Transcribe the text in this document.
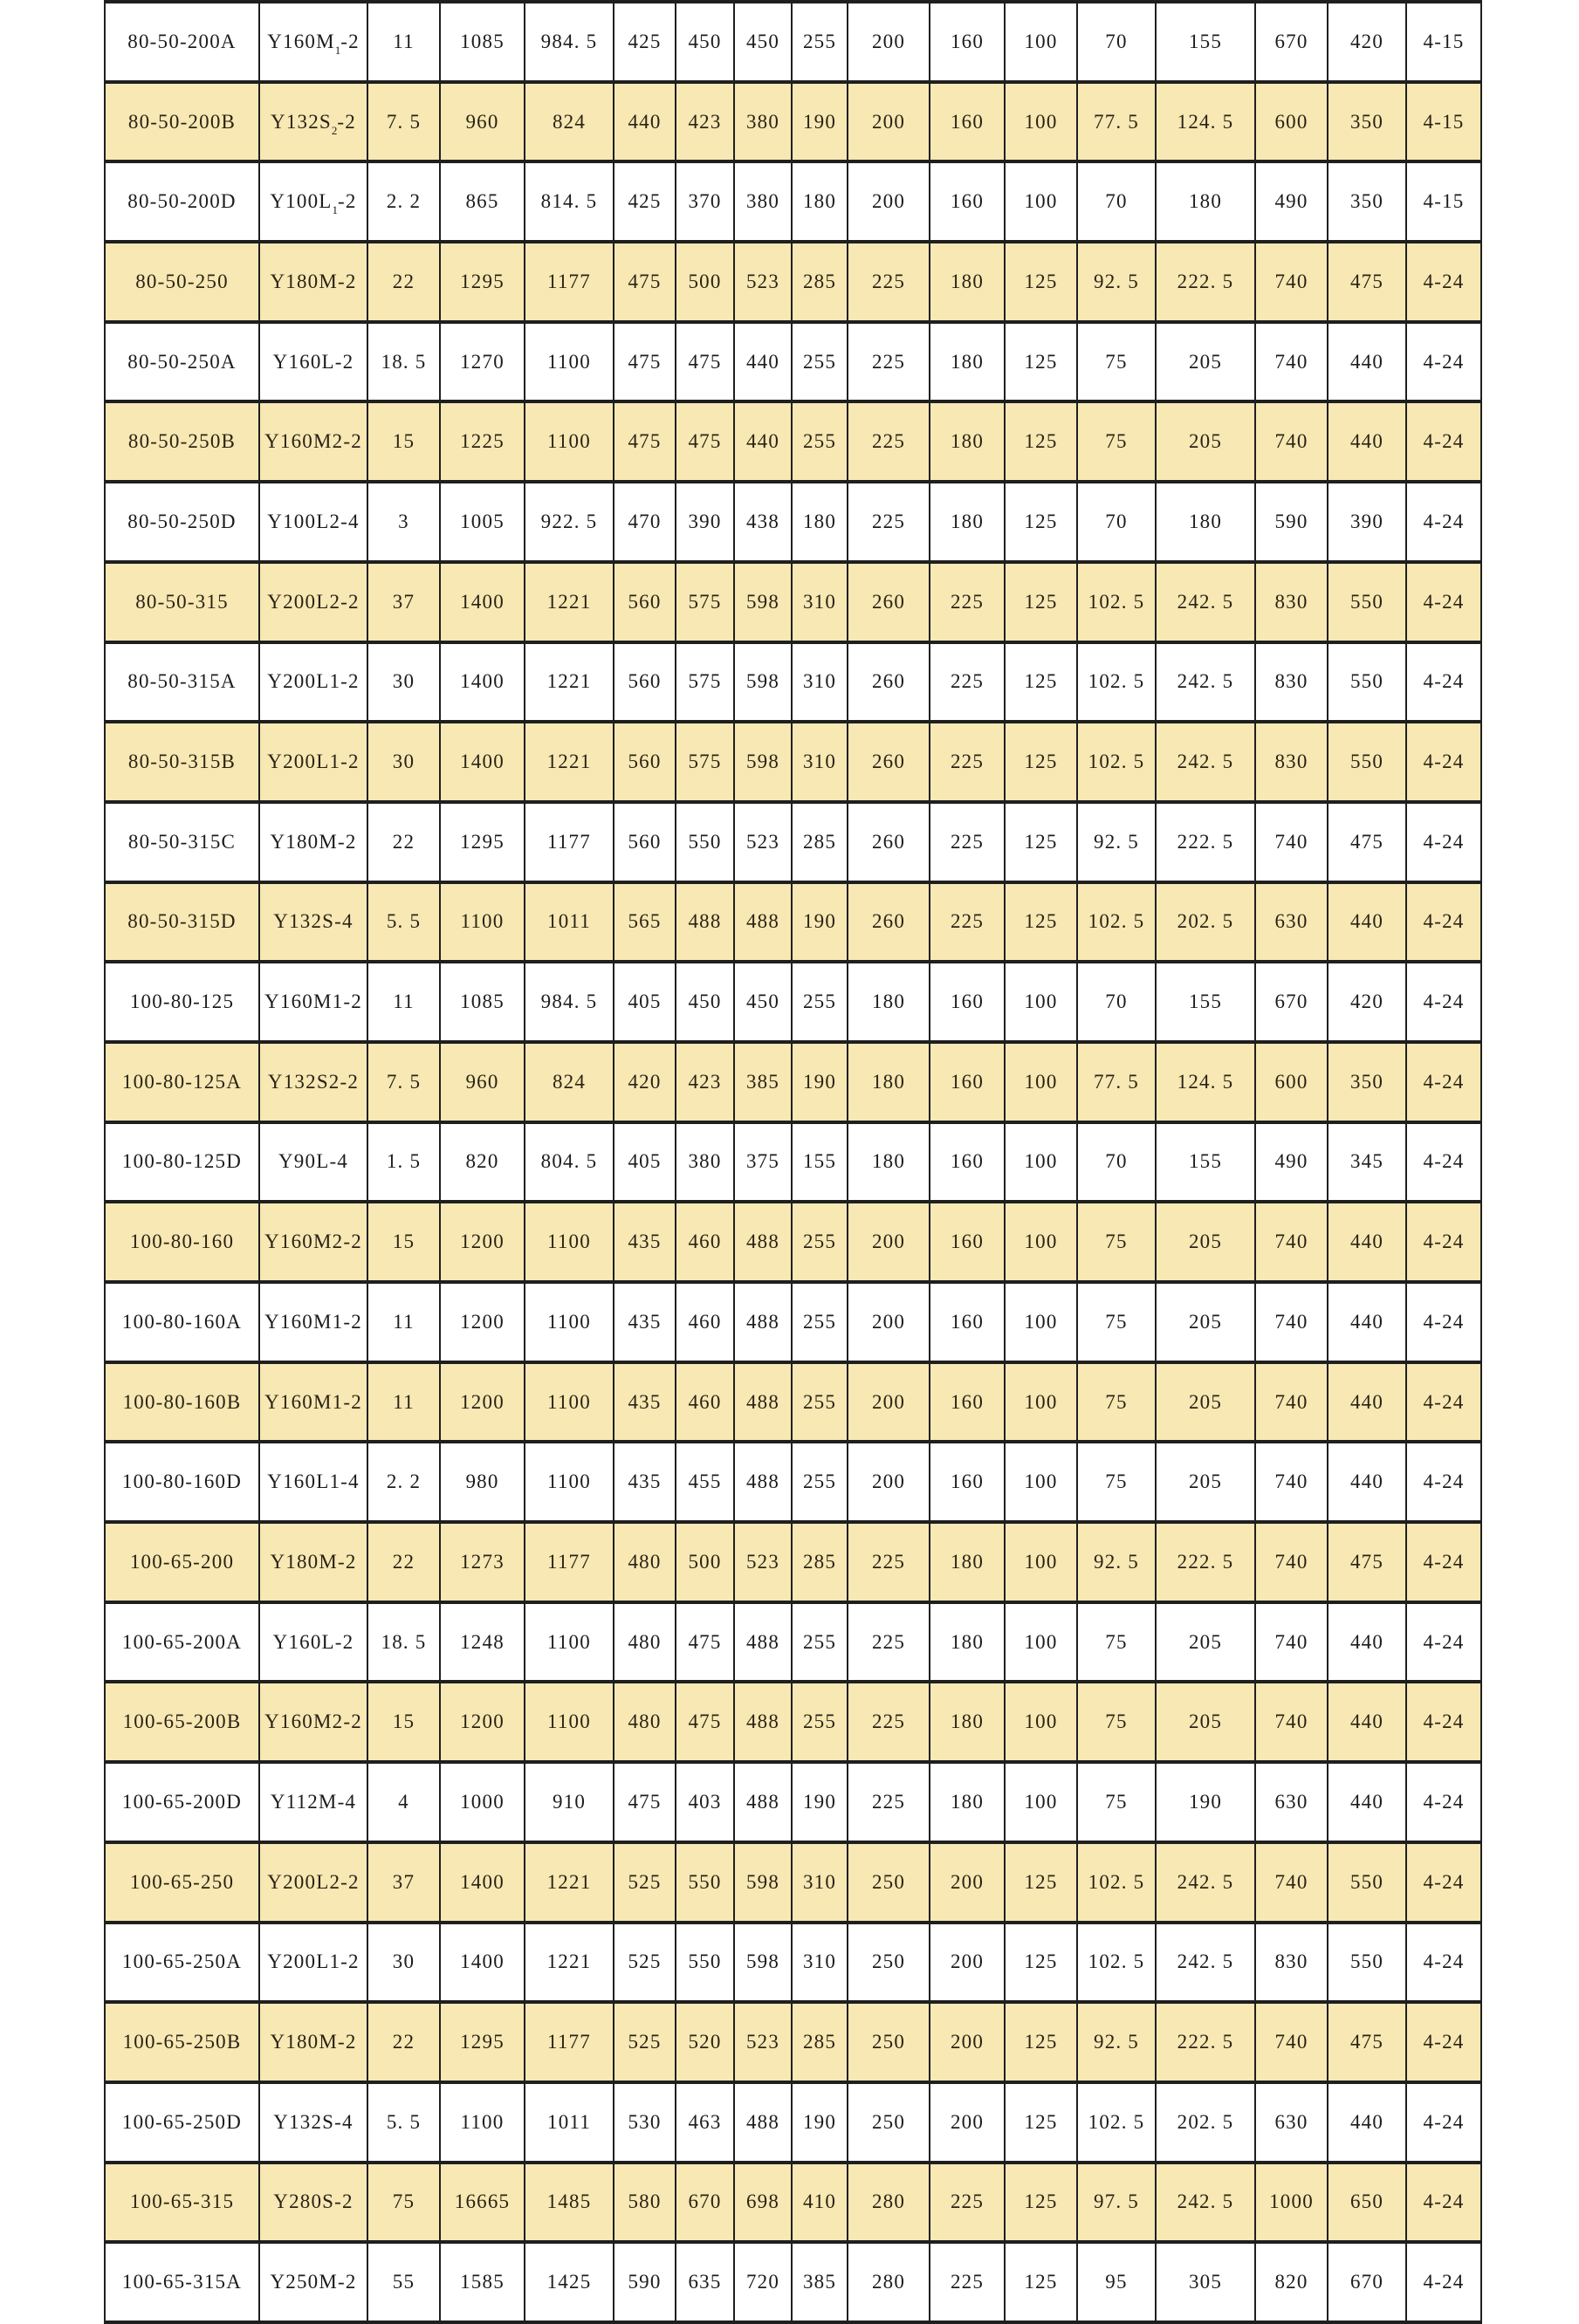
80-50-200A	$Y160M_1-2$	11	1085	984. 5	425	450	450	255	200	160	100	70	155	670	420	4-15
80-50-200B	$Y132S_2-2$	7. 5	960	824	440	423	380	190	200	160	100	77. 5	124. 5	600	350	4-15
80-50-200D	$Y100L_1-2$	2. 2	865	814. 5	425	370	380	180	200	160	100	70	180	490	350	4-15
80-50-250	Y180M-2	22	1295	1177	475	500	523	285	225	180	125	92. 5	222. 5	740	475	4-24
80-50-250A	Y160L-2	18. 5	1270	1100	475	475	440	255	225	180	125	75	205	740	440	4-24
80-50-250B	Y160M2-2	15	1225	1100	475	475	440	255	225	180	125	75	205	740	440	4-24
80-50-250D	Y100L2-4	3	1005	922. 5	470	390	438	180	225	180	125	70	180	590	390	4-24
80-50-315	Y200L2-2	37	1400	1221	560	575	598	310	260	225	125	102. 5	242. 5	830	550	4-24
80-50-315A	Y200L1-2	30	1400	1221	560	575	598	310	260	225	125	102. 5	242. 5	830	550	4-24
80-50-315B	Y200L1-2	30	1400	1221	560	575	598	310	260	225	125	102. 5	242. 5	830	550	4-24
80-50-315C	Y180M-2	22	1295	1177	560	550	523	285	260	225	125	92. 5	222. 5	740	475	4-24
80-50-315D	Y132S-4	5. 5	1100	1011	565	488	488	190	260	225	125	102. 5	202. 5	630	440	4-24
100-80-125	Y160M1-2	11	1085	984. 5	405	450	450	255	180	160	100	70	155	670	420	4-24
100-80-125A	Y132S2-2	7. 5	960	824	420	423	385	190	180	160	100	77. 5	124. 5	600	350	4-24
100-80-125D	Y90L-4	1. 5	820	804. 5	405	380	375	155	180	160	100	70	155	490	345	4-24
100-80-160	Y160M2-2	15	1200	1100	435	460	488	255	200	160	100	75	205	740	440	4-24
100-80-160A	Y160M1-2	11	1200	1100	435	460	488	255	200	160	100	75	205	740	440	4-24
100-80-160B	Y160M1-2	11	1200	1100	435	460	488	255	200	160	100	75	205	740	440	4-24
100-80-160D	Y160L1-4	2. 2	980	1100	435	455	488	255	200	160	100	75	205	740	440	4-24
100-65-200	Y180M-2	22	1273	1177	480	500	523	285	225	180	100	92. 5	222. 5	740	475	4-24
100-65-200A	Y160L-2	18. 5	1248	1100	480	475	488	255	225	180	100	75	205	740	440	4-24
100-65-200B	Y160M2-2	15	1200	1100	480	475	488	255	225	180	100	75	205	740	440	4-24
100-65-200D	Y112M-4	4	1000	910	475	403	488	190	225	180	100	75	190	630	440	4-24
100-65-250	Y200L2-2	37	1400	1221	525	550	598	310	250	200	125	102. 5	242. 5	740	550	4-24
100-65-250A	Y200L1-2	30	1400	1221	525	550	598	310	250	200	125	102. 5	242. 5	830	550	4-24
100-65-250B	Y180M-2	22	1295	1177	525	520	523	285	250	200	125	92. 5	222. 5	740	475	4-24
100-65-250D	Y132S-4	5. 5	1100	1011	530	463	488	190	250	200	125	102. 5	202. 5	630	440	4-24
100-65-315	Y280S-2	75	16665	1485	580	670	698	410	280	225	125	97. 5	242. 5	1000	650	4-24
100-65-315A	Y250M-2	55	1585	1425	590	635	720	385	280	225	125	95	305	820	670	4-24
